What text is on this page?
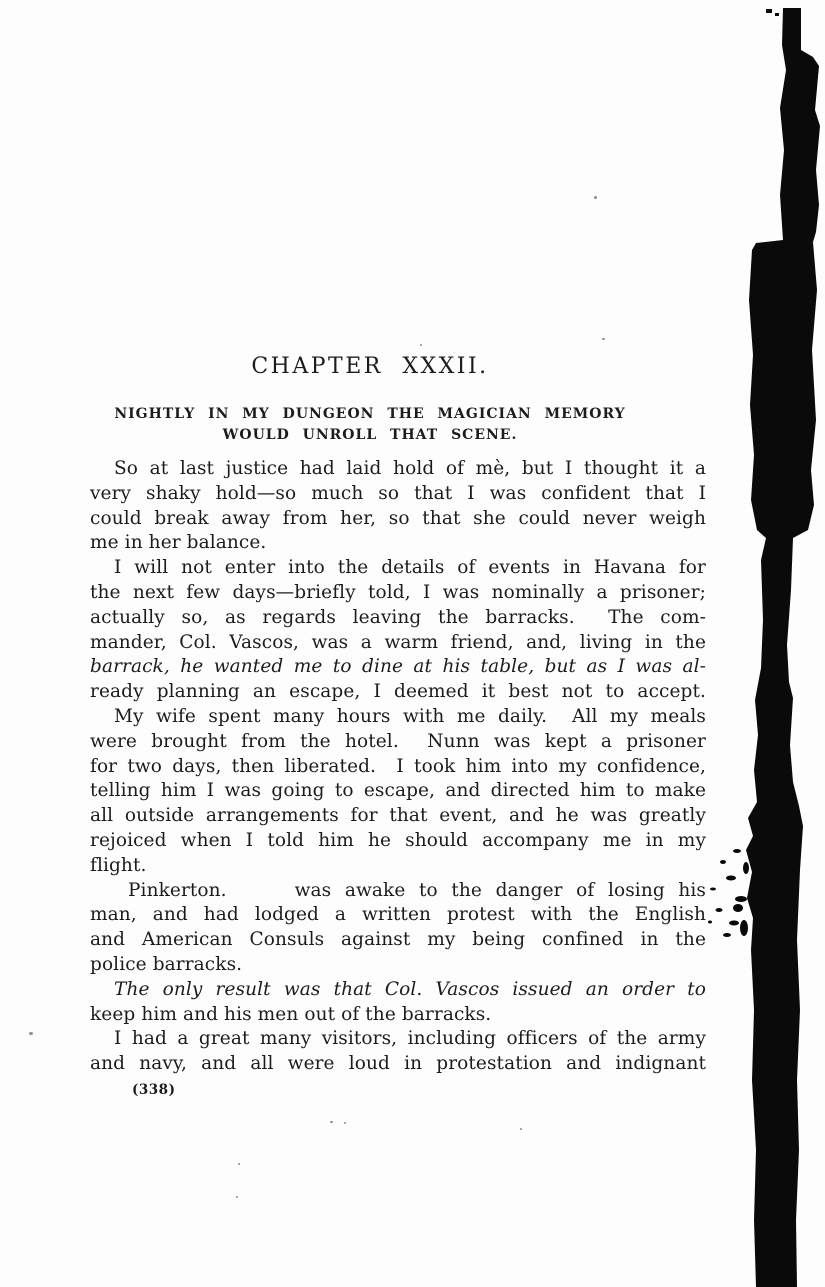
CHAPTER XXXII.
NIGHTLY IN MY DUNGEON THE MAGICIAN MEMORY
WOULD UNROLL THAT SCENE.
So at last justice had laid hold of mè, but I thought it a
very shaky hold—so much so that I was confident that I
could break away from her, so that she could never weigh
me in her balance.
I will not enter into the details of events in Havana for
the next few days—briefly told, I was nominally a prisoner;
actually so, as regards leaving the barracks.  The com-
mander, Col. Vascos, was a warm friend, and, living in the
barrack, he wanted me to dine at his table, but as I was al-
ready planning an escape, I deemed it best not to accept.
My wife spent many hours with me daily.  All my meals
were brought from the hotel.  Nunn was kept a prisoner
for two days, then liberated.  I took him into my confidence,
telling him I was going to escape, and directed him to make
all outside arrangements for that event, and he was greatly
rejoiced when I told him he should accompany me in my
flight.
Pinkerton.     was awake to the danger of losing his
man, and had lodged a written protest with the English
and American Consuls against my being confined in the
police barracks.
The only result was that Col. Vascos issued an order to
keep him and his men out of the barracks.
I had a great many visitors, including officers of the army
and navy, and all were loud in protestation and indignant
(338)
